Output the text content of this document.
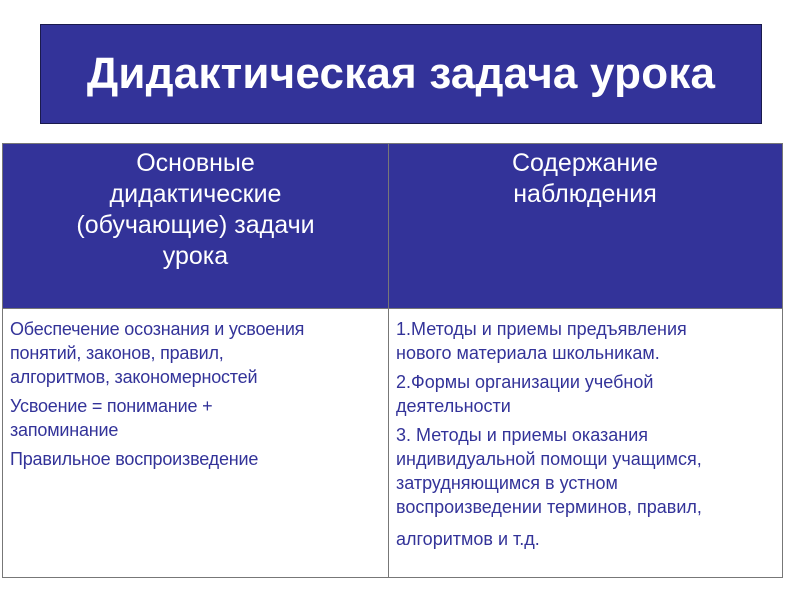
Дидактическая задача урока
Основные
дидактические
(обучающие) задачи
урока
Содержание
наблюдения

Обеспечение осознания и усвоения
понятий, законов, правил,
алгоритмов, закономерностей

Усвоение = понимание +
запоминание

Правильное воспроизведение

1.Методы и приемы предъявления
нового материала школьникам.

2.Формы организации учебной
деятельности

3. Методы и приемы оказания
индивидуальной помощи учащимся,
затрудняющимся в устном
воспроизведении терминов, правил,

алгоритмов и т.д.
